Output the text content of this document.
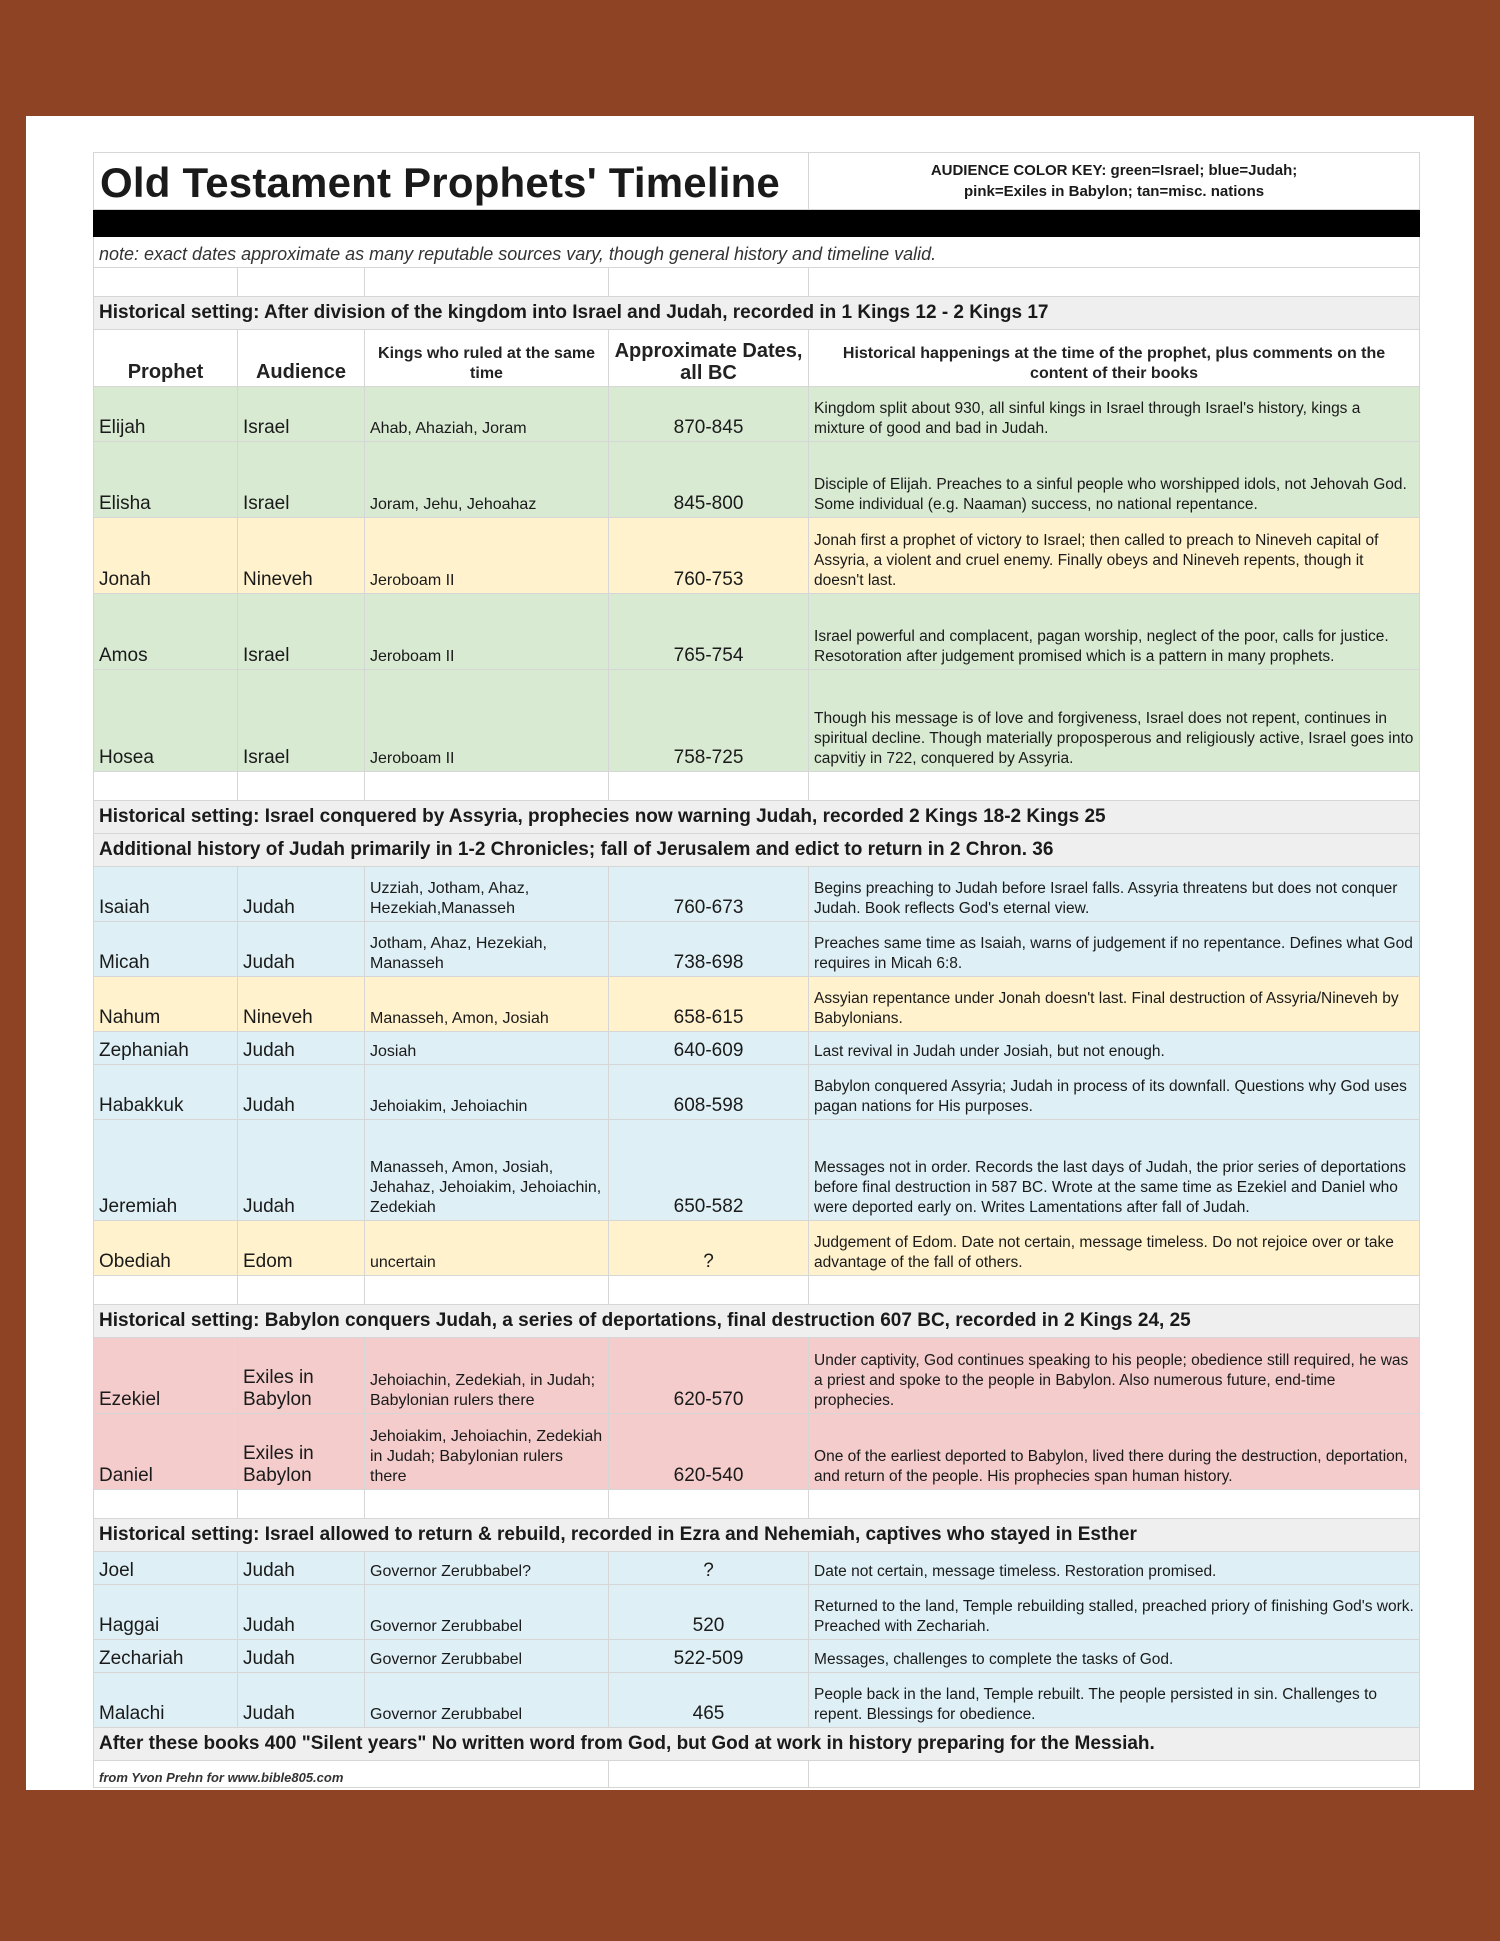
Old Testament Prophets' Timeline				AUDIENCE COLOR KEY: green=Israel; blue=Judah;
pink=Exiles in Babylon; tan=misc. nations

note: exact dates approximate as many reputable sources vary, though general history and timeline valid.				

Historical setting: After division of the kingdom into Israel and Judah, recorded in 1 Kings 12 - 2 Kings 17				
Prophet	Audience	Kings who ruled at the same time	Approximate Dates, all BC	Historical happenings at the time of the prophet, plus comments on the content of their books
Elijah	Israel	Ahab, Ahaziah, Joram	870-845	Kingdom split about 930, all sinful kings in Israel through Israel's history, kings a mixture of good and bad in Judah.
Elisha	Israel	Joram, Jehu, Jehoahaz	845-800	Disciple of Elijah. Preaches to a sinful people who worshipped idols, not Jehovah God. Some individual (e.g. Naaman) success, no national repentance.
Jonah	Nineveh	Jeroboam II	760-753	Jonah first a prophet of victory to Israel; then called to preach to Nineveh capital of Assyria, a violent and cruel enemy. Finally obeys and Nineveh repents, though it doesn't last.
Amos	Israel	Jeroboam II	765-754	Israel powerful and complacent, pagan worship, neglect of the poor, calls for justice. Resotoration after judgement promised which is a pattern in many prophets.
Hosea	Israel	Jeroboam II	758-725	Though his message is of love and forgiveness, Israel does not repent, continues in spiritual decline. Though materially proposperous and religiously active, Israel goes into capvitiy in 722, conquered by Assyria.

Historical setting: Israel conquered by Assyria, prophecies now warning Judah, recorded 2 Kings 18-2 Kings 25				
Additional history of Judah primarily in 1-2 Chronicles; fall of Jerusalem and edict to return in 2 Chron. 36				
Isaiah	Judah	Uzziah, Jotham, Ahaz, Hezekiah,Manasseh	760-673	Begins preaching to Judah before Israel falls. Assyria threatens but does not conquer Judah. Book reflects God's eternal view.
Micah	Judah	Jotham, Ahaz, Hezekiah, Manasseh	738-698	Preaches same time as Isaiah, warns of judgement if no repentance. Defines what God requires in Micah 6:8.
Nahum	Nineveh	Manasseh, Amon, Josiah	658-615	Assyian repentance under Jonah doesn't last. Final destruction of Assyria/Nineveh by Babylonians.
Zephaniah	Judah	Josiah	640-609	Last revival in Judah under Josiah, but not enough.
Habakkuk	Judah	Jehoiakim, Jehoiachin	608-598	Babylon conquered Assyria; Judah in process of its downfall. Questions why God uses pagan nations for His purposes.
Jeremiah	Judah	Manasseh, Amon, Josiah, Jehahaz, Jehoiakim, Jehoiachin, Zedekiah	650-582	Messages not in order. Records the last days of Judah, the prior series of deportations before final destruction in 587 BC. Wrote at the same time as Ezekiel and Daniel who were deported early on. Writes Lamentations after fall of Judah.
Obediah	Edom	uncertain	?	Judgement of Edom. Date not certain, message timeless. Do not rejoice over or take advantage of the fall of others.

Historical setting: Babylon conquers Judah, a series of deportations, final destruction 607 BC, recorded in 2 Kings 24, 25				
Ezekiel	Exiles in Babylon	Jehoiachin, Zedekiah, in Judah; Babylonian rulers there	620-570	Under captivity, God continues speaking to his people; obedience still required, he was a priest and spoke to the people in Babylon. Also numerous future, end-time prophecies.
Daniel	Exiles in Babylon	Jehoiakim, Jehoiachin, Zedekiah in Judah; Babylonian rulers there	620-540	One of the earliest deported to Babylon, lived there during the destruction, deportation, and return of the people. His prophecies span human history.

Historical setting: Israel allowed to return & rebuild, recorded in Ezra and Nehemiah, captives who stayed in Esther				
Joel	Judah	Governor Zerubbabel?	?	Date not certain, message timeless. Restoration promised.
Haggai	Judah	Governor Zerubbabel	520	Returned to the land, Temple rebuilding stalled, preached priory of finishing God's work. Preached with Zechariah.
Zechariah	Judah	Governor Zerubbabel	522-509	Messages, challenges to complete the tasks of God.
Malachi	Judah	Governor Zerubbabel	465	People back in the land, Temple rebuilt. The people persisted in sin. Challenges to repent. Blessings for obedience.
After these books 400 "Silent years" No written word from God, but God at work in history preparing for the Messiah.				
from Yvon Prehn for www.bible805.com				
